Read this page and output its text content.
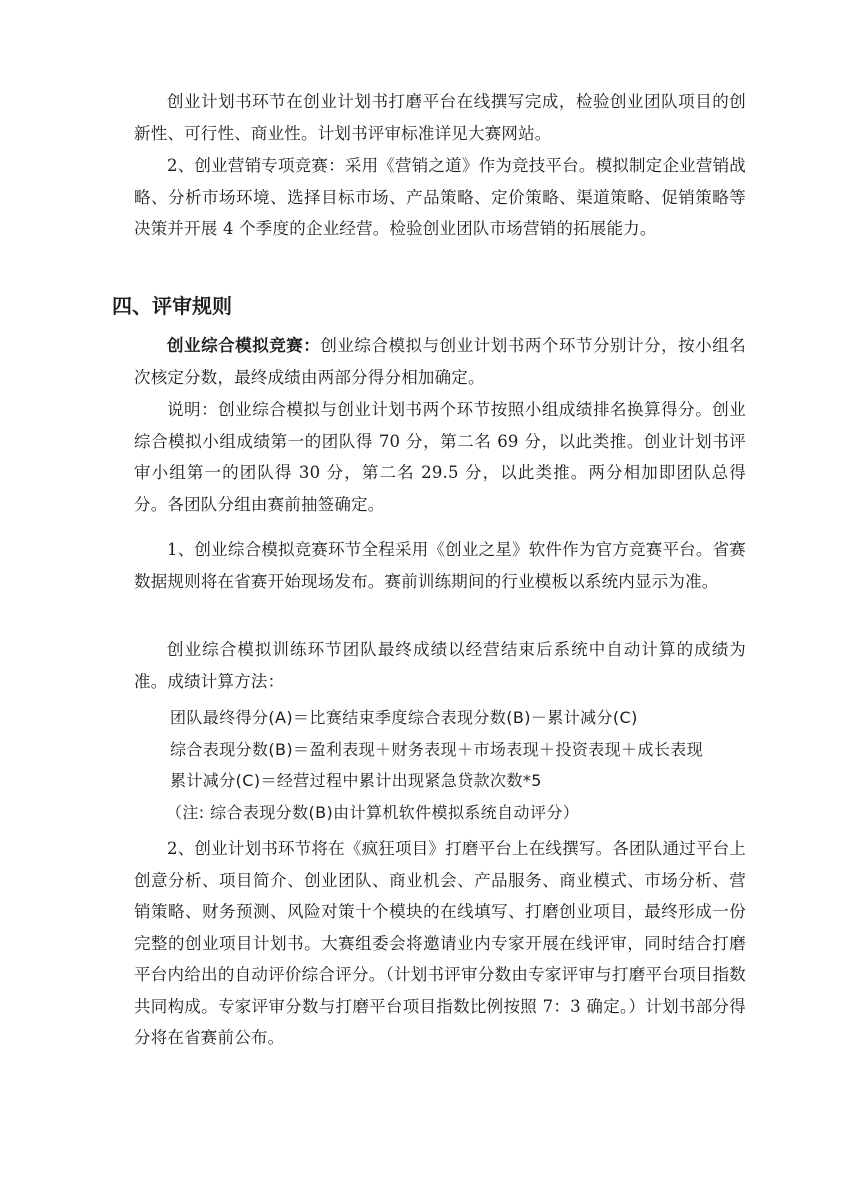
创业计划书环节在创业计划书打磨平台在线撰写完成，检验创业团队项目的创新性、可行性、商业性。计划书评审标准详见大赛网站。

2、创业营销专项竞赛：采用《营销之道》作为竞技平台。模拟制定企业营销战略、分析市场环境、选择目标市场、产品策略、定价策略、渠道策略、促销策略等决策并开展 4 个季度的企业经营。检验创业团队市场营销的拓展能力。

四、评审规则

创业综合模拟竞赛：创业综合模拟与创业计划书两个环节分别计分，按小组名次核定分数，最终成绩由两部分得分相加确定。

说明：创业综合模拟与创业计划书两个环节按照小组成绩排名换算得分。创业综合模拟小组成绩第一的团队得 70 分，第二名 69 分，以此类推。创业计划书评审小组第一的团队得 30 分，第二名 29.5 分，以此类推。两分相加即团队总得分。各团队分组由赛前抽签确定。

1、创业综合模拟竞赛环节全程采用《创业之星》软件作为官方竞赛平台。省赛数据规则将在省赛开始现场发布。赛前训练期间的行业模板以系统内显示为准。

创业综合模拟训练环节团队最终成绩以经营结束后系统中自动计算的成绩为准。成绩计算方法：

团队最终得分(A)＝比赛结束季度综合表现分数(B)－累计减分(C)

综合表现分数(B)＝盈利表现＋财务表现＋市场表现＋投资表现＋成长表现

累计减分(C)＝经营过程中累计出现紧急贷款次数*5

（注: 综合表现分数(B)由计算机软件模拟系统自动评分）

2、创业计划书环节将在《疯狂项目》打磨平台上在线撰写。各团队通过平台上创意分析、项目简介、创业团队、商业机会、产品服务、商业模式、市场分析、营销策略、财务预测、风险对策十个模块的在线填写、打磨创业项目，最终形成一份完整的创业项目计划书。大赛组委会将邀请业内专家开展在线评审，同时结合打磨平台内给出的自动评价综合评分。（计划书评审分数由专家评审与打磨平台项目指数共同构成。专家评审分数与打磨平台项目指数比例按照 7：3 确定。）计划书部分得分将在省赛前公布。
